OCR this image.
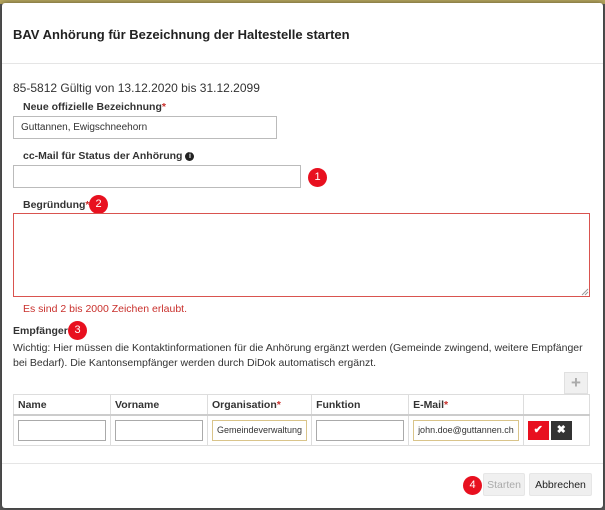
BAV Anhörung für Bezeichnung der Haltestelle starten
85-5812 Gültig von 13.12.2020 bis 31.12.2099
Neue offizielle Bezeichnung*
Guttannen, Ewigschneehorn
cc-Mail für Status der Anhörung i
1
Begründung* 2
Es sind 2 bis 2000 Zeichen erlaubt.
Empfänger 3
Wichtig: Hier müssen die Kontaktinformationen für die Anhörung ergänzt werden (Gemeinde zwingend, weitere Empfänger bei Bedarf). Die Kantonsempfänger werden durch DiDok automatisch ergänzt.
+
Name	Vorname	Organisation*	Funktion	E-Mail*	

		Gemeindeverwaltung		john.doe@guttannen.ch	✔ ✖
4	Starten	Abbrechen
